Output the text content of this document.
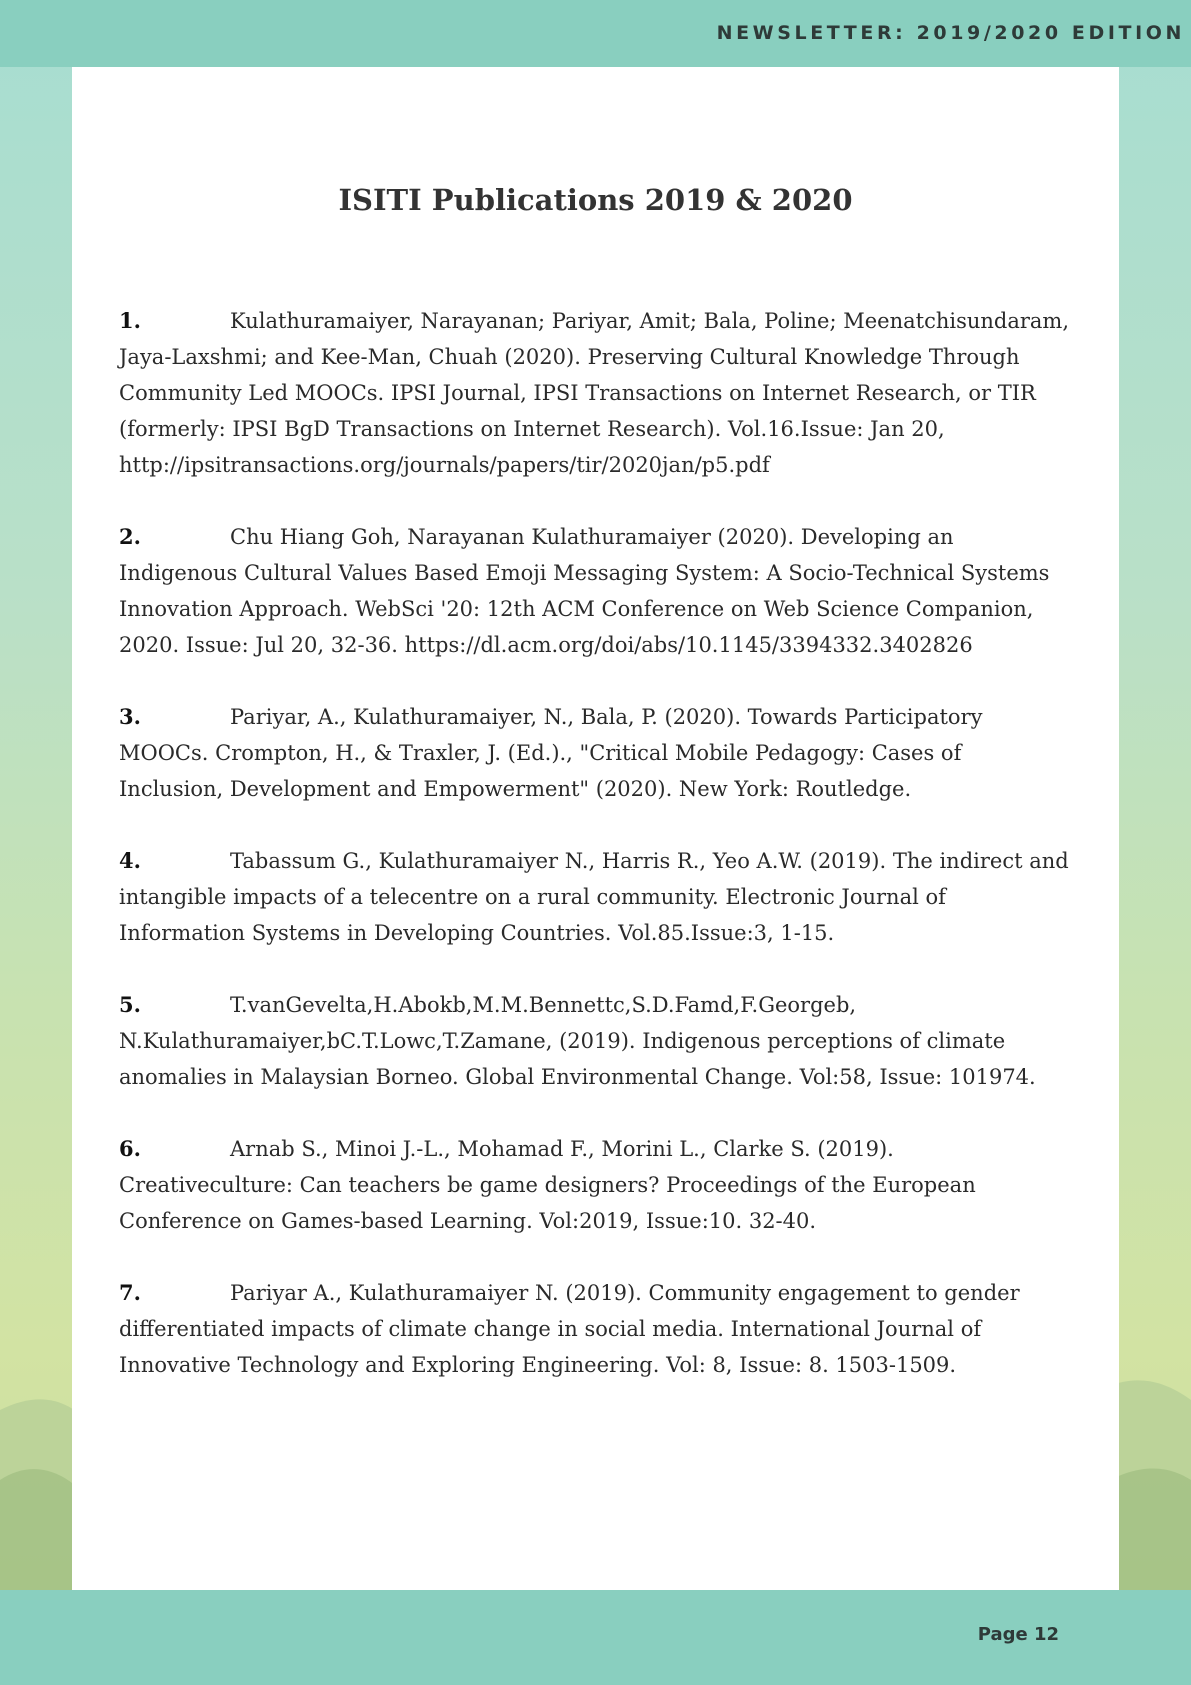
NEWSLETTER: 2019/2020 EDITION
Page 12
ISITI Publications 2019 & 2020
1.	Kulathuramaiyer, Narayanan; Pariyar, Amit; Bala, Poline; Meenatchisundaram, Jaya-Laxshmi; and Kee-Man, Chuah (2020). Preserving Cultural Knowledge Through Community Led MOOCs. IPSI Journal, IPSI Transactions on Internet Research, or TIR (formerly: IPSI BgD Transactions on Internet Research). Vol.16.Issue: Jan 20, http://ipsitransactions.org/journals/papers/tir/2020jan/p5.pdf
2.	Chu Hiang Goh, Narayanan Kulathuramaiyer (2020). Developing an Indigenous Cultural Values Based Emoji Messaging System: A Socio-Technical Systems Innovation Approach. WebSci '20: 12th ACM Conference on Web Science Companion, 2020. Issue: Jul 20, 32-36. https://dl.acm.org/doi/abs/10.1145/3394332.3402826
3.	Pariyar, A., Kulathuramaiyer, N., Bala, P. (2020). Towards Participatory MOOCs. Crompton, H., & Traxler, J. (Ed.)., "Critical Mobile Pedagogy: Cases of Inclusion, Development and Empowerment" (2020). New York: Routledge.
4.	Tabassum G., Kulathuramaiyer N., Harris R., Yeo A.W. (2019). The indirect and intangible impacts of a telecentre on a rural community. Electronic Journal of Information Systems in Developing Countries. Vol.85.Issue:3, 1-15.
5.	T.vanGevelta,H.Abokb,M.M.Bennettc,S.D.Famd,F.Georgeb, N.Kulathuramaiyer,bC.T.Lowc,T.Zamane, (2019). Indigenous perceptions of climate anomalies in Malaysian Borneo. Global Environmental Change. Vol:58, Issue: 101974.
6.	Arnab S., Minoi J.-L., Mohamad F., Morini L., Clarke S. (2019). Creativeculture: Can teachers be game designers? Proceedings of the European Conference on Games-based Learning. Vol:2019, Issue:10. 32-40.
7.	Pariyar A., Kulathuramaiyer N. (2019). Community engagement to gender differentiated impacts of climate change in social media. International Journal of Innovative Technology and Exploring Engineering. Vol: 8, Issue: 8. 1503-1509.
